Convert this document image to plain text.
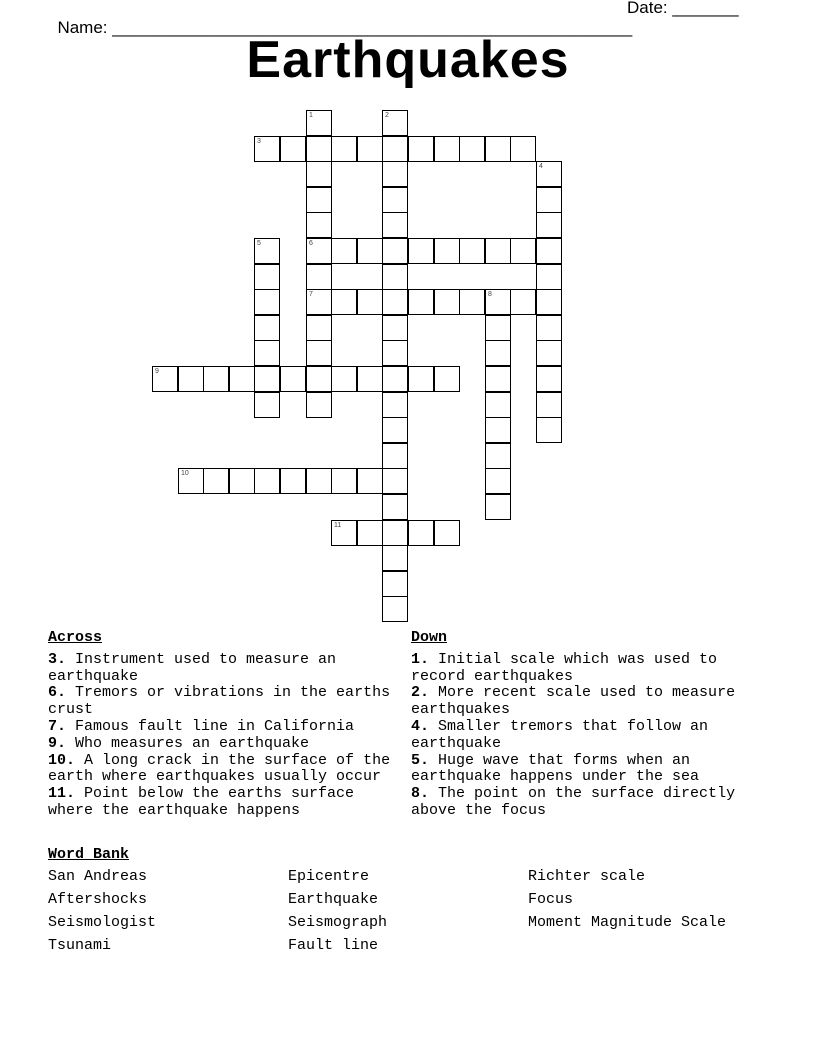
Name: _______________________________________________________

Date: _______

Earthquakes
1
6
7
2
3
4
5
8
9
10
11
Across

3. Instrument used to measure an earthquake

6. Tremors or vibrations in the earths crust

7. Famous fault line in California

9. Who measures an earthquake

10. A long crack in the surface of the earth where earthquakes usually occur

11. Point below the earths surface where the earthquake happens

Down

1. Initial scale which was used to record earthquakes

2. More recent scale used to measure earthquakes

4. Smaller tremors that follow an earthquake

5. Huge wave that forms when an earthquake happens under the sea

8. The point on the surface directly above the focus

Word Bank
San Andreas	Epicentre	Richter scale
Aftershocks	Earthquake	Focus
Seismologist	Seismograph	Moment Magnitude Scale
Tsunami	Fault line
